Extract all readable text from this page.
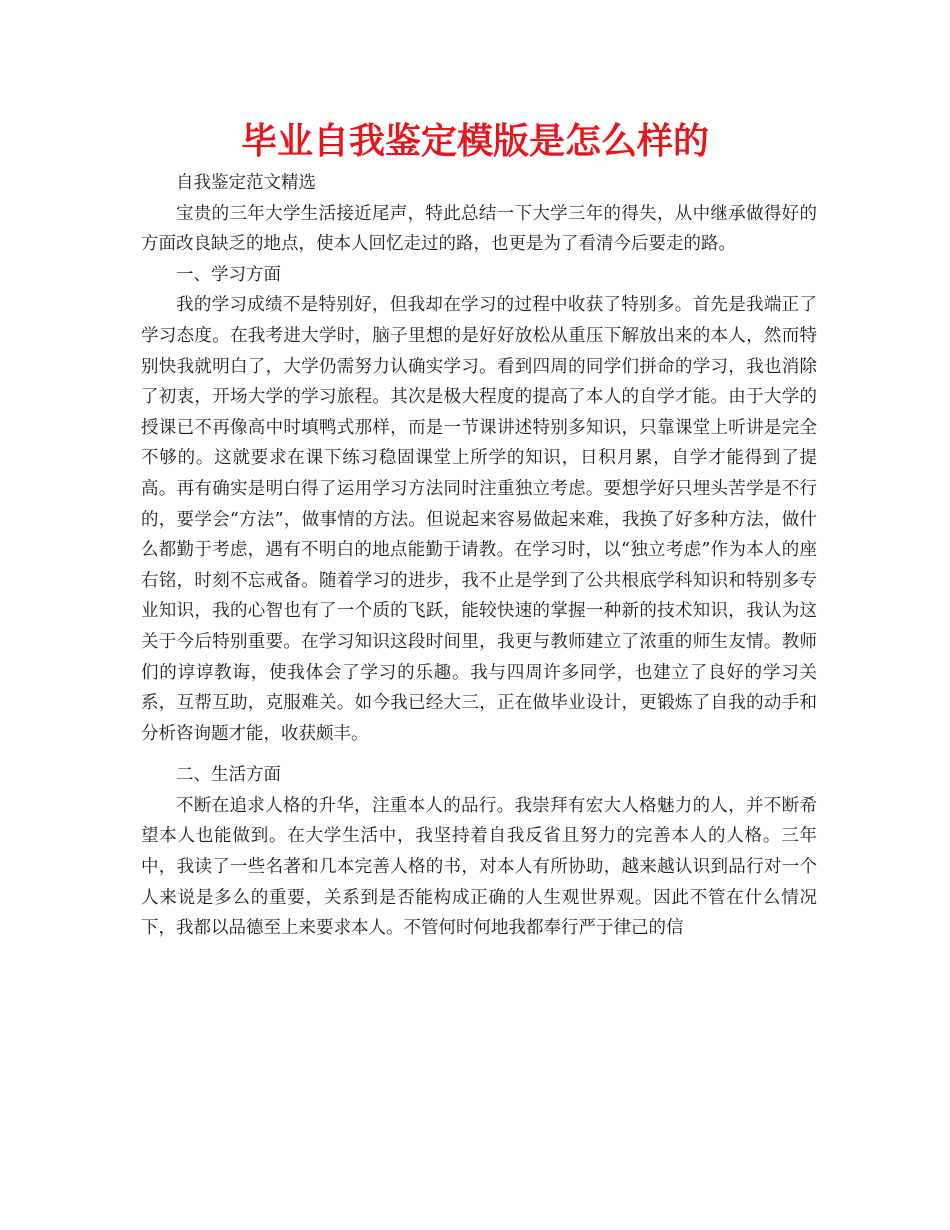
毕业自我鉴定模版是怎么样的

自我鉴定范文精选

宝贵的三年大学生活接近尾声，特此总结一下大学三年的得失，从中继承做得好的方面改良缺乏的地点，使本人回忆走过的路，也更是为了看清今后要走的路。

一、学习方面

我的学习成绩不是特别好，但我却在学习的过程中收获了特别多。首先是我端正了学习态度。在我考进大学时，脑子里想的是好好放松从重压下解放出来的本人，然而特别快我就明白了，大学仍需努力认确实学习。看到四周的同学们拼命的学习，我也消除了初衷，开场大学的学习旅程。其次是极大程度的提高了本人的自学才能。由于大学的授课已不再像高中时填鸭式那样，而是一节课讲述特别多知识，只靠课堂上听讲是完全不够的。这就要求在课下练习稳固课堂上所学的知识，日积月累，自学才能得到了提高。再有确实是明白得了运用学习方法同时注重独立考虑。要想学好只埋头苦学是不行的，要学会“方法”，做事情的方法。但说起来容易做起来难，我换了好多种方法，做什么都勤于考虑，遇有不明白的地点能勤于请教。在学习时，以“独立考虑”作为本人的座右铭，时刻不忘戒备。随着学习的进步，我不止是学到了公共根底学科知识和特别多专业知识，我的心智也有了一个质的飞跃，能较快速的掌握一种新的技术知识，我认为这关于今后特别重要。在学习知识这段时间里，我更与教师建立了浓重的师生友情。教师们的谆谆教诲，使我体会了学习的乐趣。我与四周许多同学，也建立了良好的学习关系，互帮互助，克服难关。如今我已经大三，正在做毕业设计，更锻炼了自我的动手和分析咨询题才能，收获颇丰。

二、生活方面

不断在追求人格的升华，注重本人的品行。我崇拜有宏大人格魅力的人，并不断希望本人也能做到。在大学生活中，我坚持着自我反省且努力的完善本人的人格。三年中，我读了一些名著和几本完善人格的书，对本人有所协助，越来越认识到品行对一个人来说是多么的重要，关系到是否能构成正确的人生观世界观。因此不管在什么情况下，我都以品德至上来要求本人。不管何时何地我都奉行严于律己的信
